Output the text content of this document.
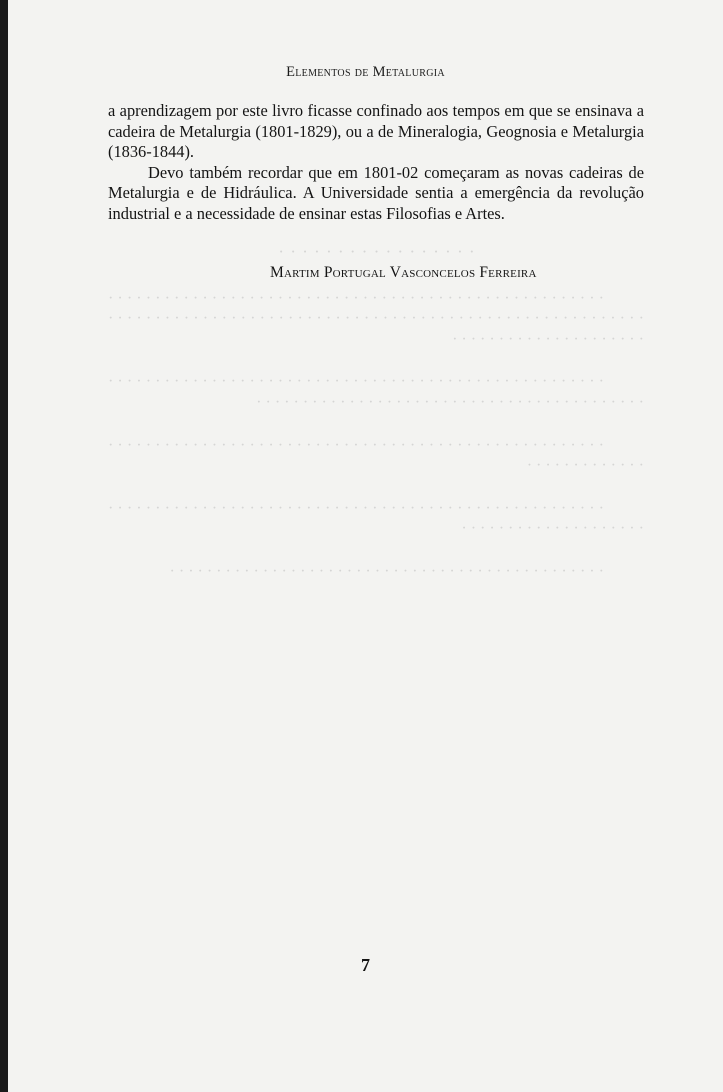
· · · · · · · · · · · · · · · · ·

· · · · · · · · · · · · · · · · · · · · · · · · · · · · · · · · · · · · · · · · · · · · · · · · · · · · · · · · · · · · · · · · · · · · · · · · · · · · · · · · · · · · · · · · · · · · · · · · · · · · · · · · · · · · · · · · · · · · · · · · · · · · · · · · · · ·

· · · · · · · · · · · · · · · · · · · · · · · · · · · · · · · · · · · · · · · · · · · · · · · · · · · · · · · · · · · · · · · · · · · · · · · · · · · · · · · · · · · · · · · · · · · · · · ·

· · · · · · · · · · · · · · · · · · · · · · · · · · · · · · · · · · · · · · · · · · · · · · · · · · · · · · · · · · · · · · · · · ·

· · · · · · · · · · · · · · · · · · · · · · · · · · · · · · · · · · · · · · · · · · · · · · · · · · · · · · · · · · · · · · · · · · · · · · · · ·

· · · · · · · · · · · · · · · · · · · · · · · · · · · · · · · · · · · · · · · · · · · · · · ·

Elementos de Metalurgia

a aprendizagem por este livro ficasse confinado aos tempos em que se ensinava a cadeira de Metalurgia (1801-1829), ou a de Mineralogia, Geognosia e Metalurgia (1836-1844).

Devo também recordar que em 1801-02 começaram as novas cadeiras de Metalurgia e de Hidráulica. A Universidade sentia a emergência da revolução industrial e a necessidade de ensinar estas Filosofias e Artes.

Martim Portugal Vasconcelos Ferreira
7
